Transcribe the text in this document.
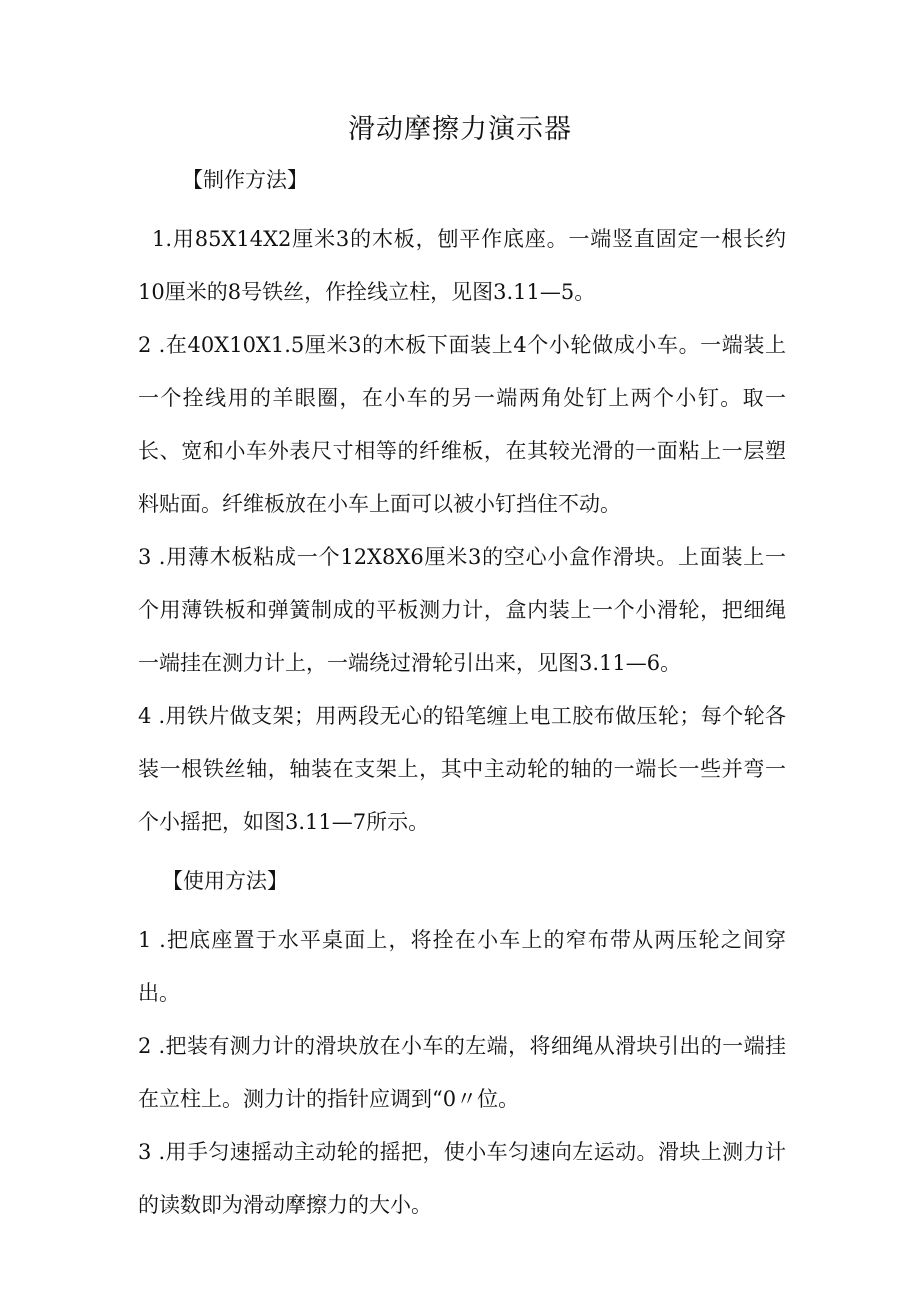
滑动摩擦力演示器
【制作方法】

1.用85X14X2厘米3的木板，刨平作底座。一端竖直固定一根长约10厘米的8号铁丝，作拴线立柱，见图3.11—5。

2 .在40X10X1.5厘米3的木板下面装上4个小轮做成小车。一端装上一个拴线用的羊眼圈，在小车的另一端两角处钉上两个小钉。取一长、宽和小车外表尺寸相等的纤维板，在其较光滑的一面粘上一层塑料贴面。纤维板放在小车上面可以被小钉挡住不动。

3 .用薄木板粘成一个12X8X6厘米3的空心小盒作滑块。上面装上一个用薄铁板和弹簧制成的平板测力计，盒内装上一个小滑轮，把细绳一端挂在测力计上，一端绕过滑轮引出来，见图3.11—6。

4 .用铁片做支架；用两段无心的铅笔缠上电工胶布做压轮；每个轮各装一根铁丝轴，轴装在支架上，其中主动轮的轴的一端长一些并弯一个小摇把，如图3.11—7所示。

【使用方法】

1 .把底座置于水平桌面上，将拴在小车上的窄布带从两压轮之间穿出。

2 .把装有测力计的滑块放在小车的左端，将细绳从滑块引出的一端挂在立柱上。测力计的指针应调到“0〃位。

3 .用手匀速摇动主动轮的摇把，使小车匀速向左运动。滑块上测力计的读数即为滑动摩擦力的大小。
